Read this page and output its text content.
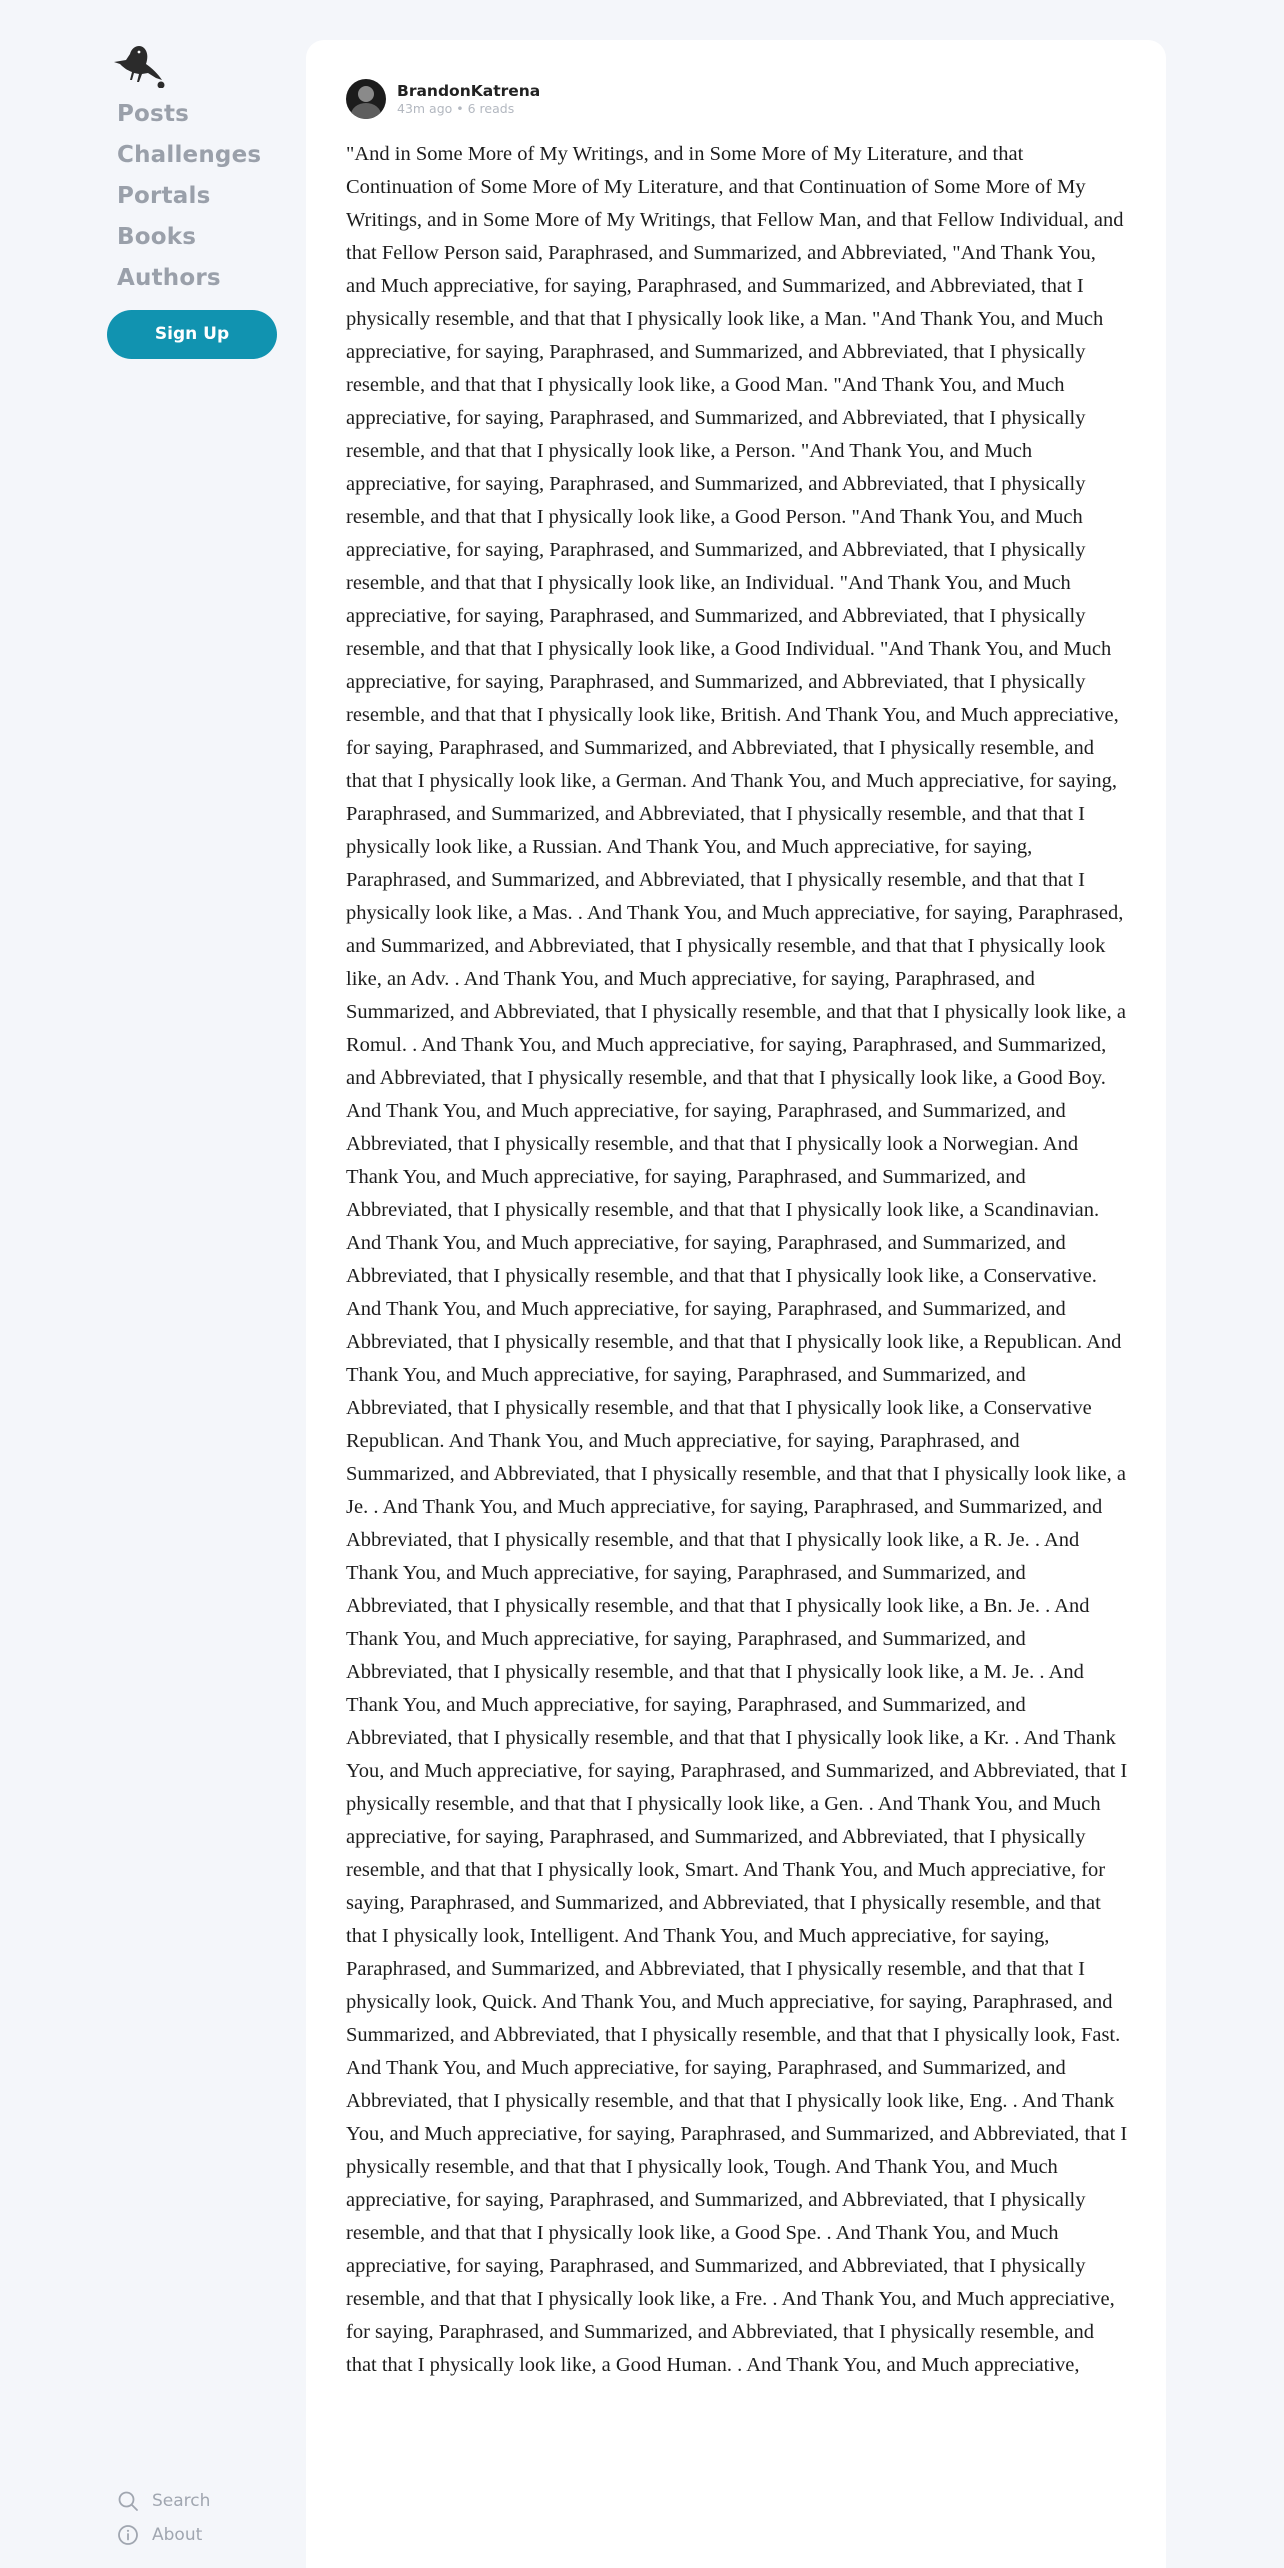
Posts
Challenges
Portals
Books
Authors
Sign Up
Search
About
BrandonKatrena
43m ago • 6 reads

"And in Some More of My Writings, and in Some More of My Literature, and that Continuation of Some More of My Literature, and that Continuation of Some More of My Writings, and in Some More of My Writings, that Fellow Man, and that Fellow Individual, and that Fellow Person said, Paraphrased, and Summarized, and Abbreviated, "And Thank You, and Much appreciative, for saying, Paraphrased, and Summarized, and Abbreviated, that I physically resemble, and that that I physically look like, a Man. "And Thank You, and Much appreciative, for saying, Paraphrased, and Summarized, and Abbreviated, that I physically resemble, and that that I physically look like, a Good Man. "And Thank You, and Much appreciative, for saying, Paraphrased, and Summarized, and Abbreviated, that I physically resemble, and that that I physically look like, a Person. "And Thank You, and Much appreciative, for saying, Paraphrased, and Summarized, and Abbreviated, that I physically resemble, and that that I physically look like, a Good Person. "And Thank You, and Much appreciative, for saying, Paraphrased, and Summarized, and Abbreviated, that I physically resemble, and that that I physically look like, an Individual. "And Thank You, and Much appreciative, for saying, Paraphrased, and Summarized, and Abbreviated, that I physically resemble, and that that I physically look like, a Good Individual. "And Thank You, and Much appreciative, for saying, Paraphrased, and Summarized, and Abbreviated, that I physically resemble, and that that I physically look like, British. And Thank You, and Much appreciative, for saying, Paraphrased, and Summarized, and Abbreviated, that I physically resemble, and that that I physically look like, a German. And Thank You, and Much appreciative, for saying, Paraphrased, and Summarized, and Abbreviated, that I physically resemble, and that that I physically look like, a Russian. And Thank You, and Much appreciative, for saying, Paraphrased, and Summarized, and Abbreviated, that I physically resemble, and that that I physically look like, a Mas. . And Thank You, and Much appreciative, for saying, Paraphrased, and Summarized, and Abbreviated, that I physically resemble, and that that I physically look like, an Adv. . And Thank You, and Much appreciative, for saying, Paraphrased, and Summarized, and Abbreviated, that I physically resemble, and that that I physically look like, a Romul. . And Thank You, and Much appreciative, for saying, Paraphrased, and Summarized, and Abbreviated, that I physically resemble, and that that I physically look like, a Good Boy. And Thank You, and Much appreciative, for saying, Paraphrased, and Summarized, and Abbreviated, that I physically resemble, and that that I physically look a Norwegian. And Thank You, and Much appreciative, for saying, Paraphrased, and Summarized, and Abbreviated, that I physically resemble, and that that I physically look like, a Scandinavian. And Thank You, and Much appreciative, for saying, Paraphrased, and Summarized, and Abbreviated, that I physically resemble, and that that I physically look like, a Conservative. And Thank You, and Much appreciative, for saying, Paraphrased, and Summarized, and Abbreviated, that I physically resemble, and that that I physically look like, a Republican. And Thank You, and Much appreciative, for saying, Paraphrased, and Summarized, and Abbreviated, that I physically resemble, and that that I physically look like, a Conservative Republican. And Thank You, and Much appreciative, for saying, Paraphrased, and Summarized, and Abbreviated, that I physically resemble, and that that I physically look like, a Je. . And Thank You, and Much appreciative, for saying, Paraphrased, and Summarized, and Abbreviated, that I physically resemble, and that that I physically look like, a R. Je. . And Thank You, and Much appreciative, for saying, Paraphrased, and Summarized, and Abbreviated, that I physically resemble, and that that I physically look like, a Bn. Je. . And Thank You, and Much appreciative, for saying, Paraphrased, and Summarized, and Abbreviated, that I physically resemble, and that that I physically look like, a M. Je. . And Thank You, and Much appreciative, for saying, Paraphrased, and Summarized, and Abbreviated, that I physically resemble, and that that I physically look like, a Kr. . And Thank You, and Much appreciative, for saying, Paraphrased, and Summarized, and Abbreviated, that I physically resemble, and that that I physically look like, a Gen. . And Thank You, and Much appreciative, for saying, Paraphrased, and Summarized, and Abbreviated, that I physically resemble, and that that I physically look, Smart. And Thank You, and Much appreciative, for saying, Paraphrased, and Summarized, and Abbreviated, that I physically resemble, and that that I physically look, Intelligent. And Thank You, and Much appreciative, for saying, Paraphrased, and Summarized, and Abbreviated, that I physically resemble, and that that I physically look, Quick. And Thank You, and Much appreciative, for saying, Paraphrased, and Summarized, and Abbreviated, that I physically resemble, and that that I physically look, Fast. And Thank You, and Much appreciative, for saying, Paraphrased, and Summarized, and Abbreviated, that I physically resemble, and that that I physically look like, Eng. . And Thank You, and Much appreciative, for saying, Paraphrased, and Summarized, and Abbreviated, that I physically resemble, and that that I physically look, Tough. And Thank You, and Much appreciative, for saying, Paraphrased, and Summarized, and Abbreviated, that I physically resemble, and that that I physically look like, a Good Spe. . And Thank You, and Much appreciative, for saying, Paraphrased, and Summarized, and Abbreviated, that I physically resemble, and that that I physically look like, a Fre. . And Thank You, and Much appreciative, for saying, Paraphrased, and Summarized, and Abbreviated, that I physically resemble, and that that I physically look like, a Good Human. . And Thank You, and Much appreciative,
